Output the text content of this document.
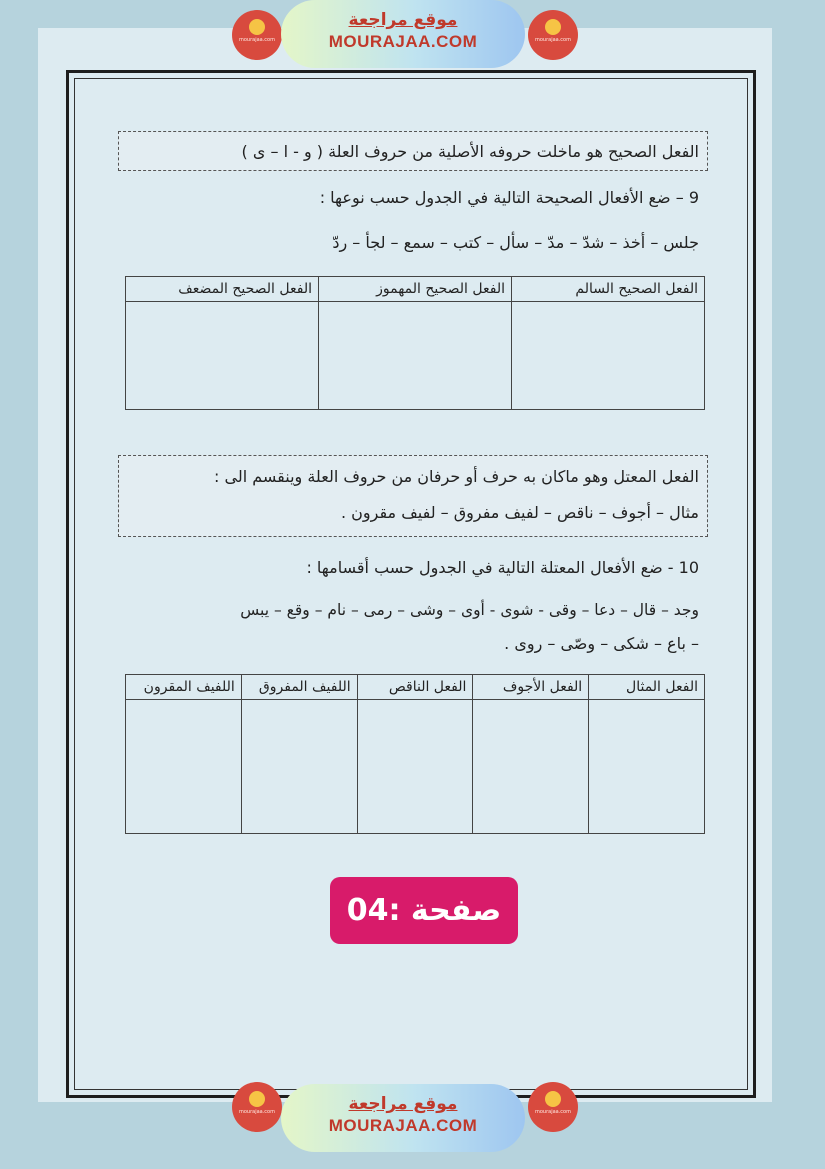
mourajaa.com
موقع مراجعة
MOURAJAA.COM	mourajaa.com
الفعل الصحيح هو ماخلت حروفه الأصلية من حروف العلة ( و - ا – ى )
9 – ضع الأفعال الصحيحة التالية في الجدول حسب نوعها :
جلس – أخذ – شدّ – مدّ – سأل – كتب – سمع – لجأ – ردّ
الفعل الصحيح السالم	الفعل الصحيح المهموز	الفعل الصحيح المضعف

الفعل المعتل وهو ماكان به حرف أو حرفان من حروف العلة وينقسم الى :
مثال – أجوف – ناقص – لفيف مفروق – لفيف مقرون .
10 - ضع الأفعال المعتلة التالية في الجدول حسب أقسامها :
وجد – قال – دعا – وقى - شوى - أوى – وشى – رمى – نام – وقع – يبس
– باع – شكى – وصّى – روى .
الفعل المثال	الفعل الأجوف	الفعل الناقص	اللفيف المفروق	اللفيف المقرون

صفحة :04
mourajaa.com	موقع مراجعة
MOURAJAA.COM
mourajaa.com
